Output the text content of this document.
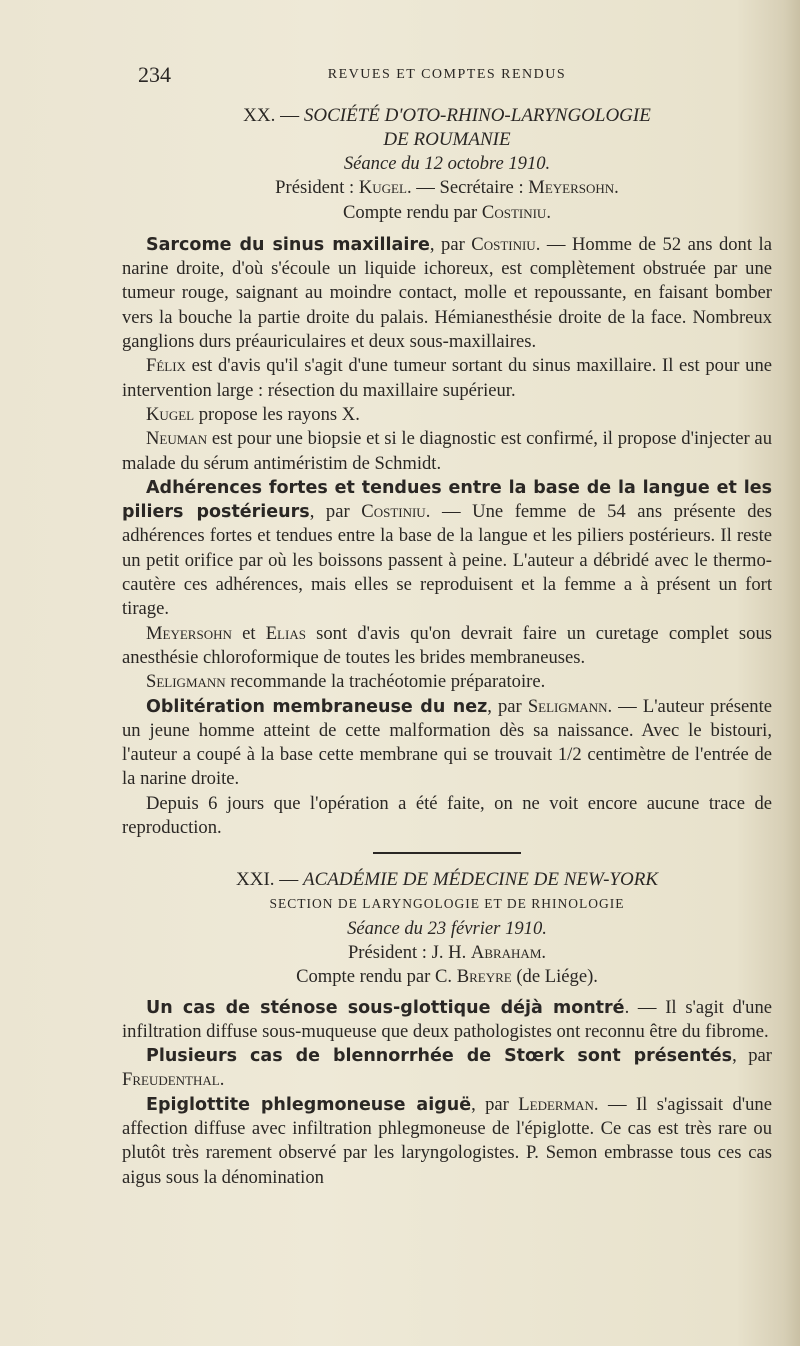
234	REVUES ET COMPTES RENDUS
XX. — SOCIÉTÉ D'OTO-RHINO-LARYNGOLOGIE
DE ROUMANIE
Séance du 12 octobre 1910.
Président : Kugel. — Secrétaire : Meyersohn.
Compte rendu par Costiniu.

Sarcome du sinus maxillaire, par Costiniu. — Homme de 52 ans dont la narine droite, d'où s'écoule un liquide ichoreux, est complètement obstruée par une tumeur rouge, saignant au moindre contact, molle et repoussante, en faisant bomber vers la bouche la partie droite du palais. Hémianesthésie droite de la face. Nombreux ganglions durs préauriculaires et deux sous-maxillaires.

Félix est d'avis qu'il s'agit d'une tumeur sortant du sinus maxillaire. Il est pour une intervention large : résection du maxillaire supérieur.

Kugel propose les rayons X.

Neuman est pour une biopsie et si le diagnostic est confirmé, il propose d'injecter au malade du sérum antiméristim de Schmidt.

Adhérences fortes et tendues entre la base de la langue et les piliers postérieurs, par Costiniu. — Une femme de 54 ans présente des adhérences fortes et tendues entre la base de la langue et les piliers postérieurs. Il reste un petit orifice par où les boissons passent à peine. L'auteur a débridé avec le thermo-cautère ces adhérences, mais elles se reproduisent et la femme a à présent un fort tirage.

Meyersohn et Elias sont d'avis qu'on devrait faire un curetage complet sous anesthésie chloroformique de toutes les brides membraneuses.

Seligmann recommande la trachéotomie préparatoire.

Oblitération membraneuse du nez, par Seligmann. — L'auteur présente un jeune homme atteint de cette malformation dès sa naissance. Avec le bistouri, l'auteur a coupé à la base cette membrane qui se trouvait 1/2 centimètre de l'entrée de la narine droite.

Depuis 6 jours que l'opération a été faite, on ne voit encore aucune trace de reproduction.

XXI. — ACADÉMIE DE MÉDECINE DE NEW-YORK
SECTION DE LARYNGOLOGIE ET DE RHINOLOGIE
Séance du 23 février 1910.
Président : J. H. Abraham.
Compte rendu par C. Breyre (de Liége).

Un cas de sténose sous-glottique déjà montré. — Il s'agit d'une infiltration diffuse sous-muqueuse que deux pathologistes ont reconnu être du fibrome.

Plusieurs cas de blennorrhée de Stœrk sont présentés, par Freudenthal.

Epiglottite phlegmoneuse aiguë, par Lederman. — Il s'agissait d'une affection diffuse avec infiltration phlegmoneuse de l'épiglotte. Ce cas est très rare ou plutôt très rarement observé par les laryngologistes. P. Semon embrasse tous ces cas aigus sous la dénomination
